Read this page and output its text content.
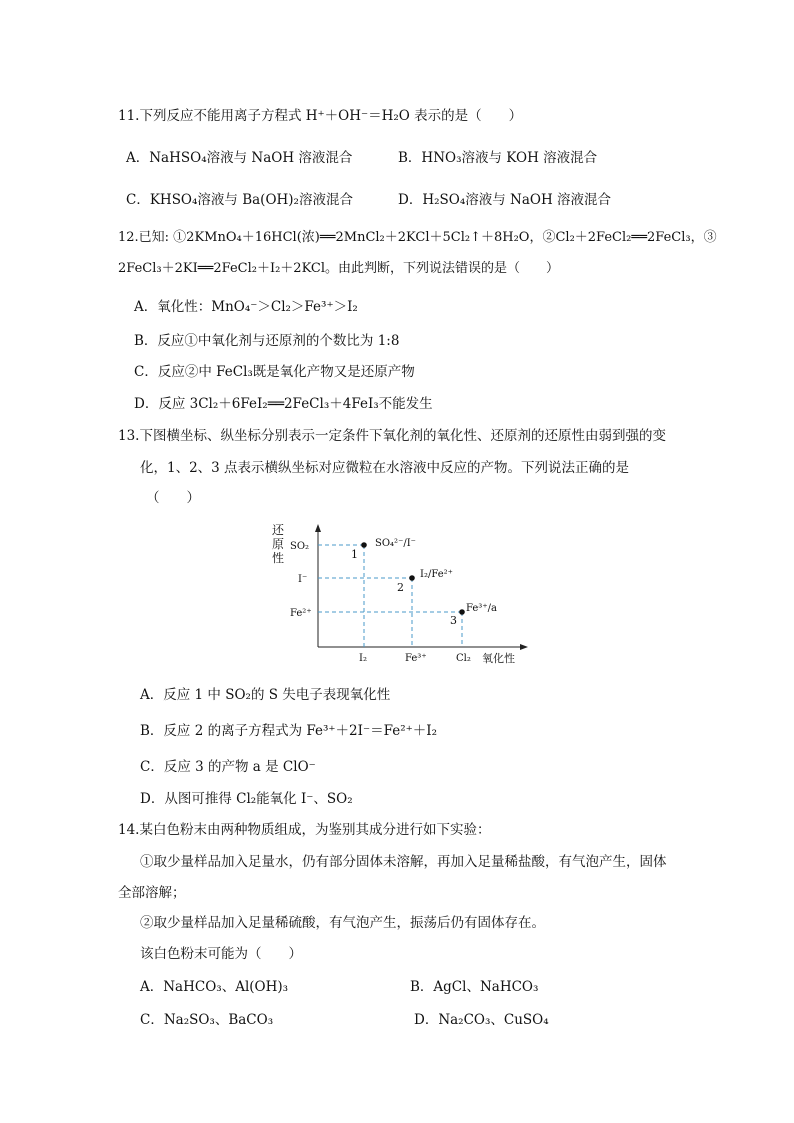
11.下列反应不能用离子方程式 H⁺＋OH⁻＝H₂O 表示的是（　　）
A．NaHSO₄溶液与 NaOH 溶液混合	B．HNO₃溶液与 KOH 溶液混合
C．KHSO₄溶液与 Ba(OH)₂溶液混合	D．H₂SO₄溶液与 NaOH 溶液混合
12.已知: ①2KMnO₄＋16HCl(浓)══2MnCl₂＋2KCl＋5Cl₂↑＋8H₂O，②Cl₂＋2FeCl₂══2FeCl₃，③
2FeCl₃＋2KI══2FeCl₂＋I₂＋2KCl。由此判断，下列说法错误的是（　　）
A．氧化性：MnO₄⁻＞Cl₂＞Fe³⁺＞I₂
B．反应①中氧化剂与还原剂的个数比为 1:8
C．反应②中 FeCl₃既是氧化产物又是还原产物
D．反应 3Cl₂＋6FeI₂══2FeCl₃＋4FeI₃不能发生
13.下图横坐标、纵坐标分别表示一定条件下氧化剂的氧化性、还原剂的还原性由弱到强的变
化，1、2、3 点表示横纵坐标对应微粒在水溶液中反应的产物。下列说法正确的是
（　　）
还
原
性
SO₂
I⁻
Fe²⁺
I₂	Fe³⁺	Cl₂ 氧化性
SO₄²⁻/I⁻
I₂/Fe²⁺
Fe³⁺/a
1
2
3
A．反应 1 中 SO₂的 S 失电子表现氧化性
B．反应 2 的离子方程式为 Fe³⁺＋2I⁻＝Fe²⁺＋I₂
C．反应 3 的产物 a 是 ClO⁻
D．从图可推得 Cl₂能氧化 I⁻、SO₂
14.某白色粉末由两种物质组成，为鉴别其成分进行如下实验：
①取少量样品加入足量水，仍有部分固体未溶解，再加入足量稀盐酸，有气泡产生，固体
全部溶解；
②取少量样品加入足量稀硫酸，有气泡产生，振荡后仍有固体存在。
该白色粉末可能为（　　）
A．NaHCO₃、Al(OH)₃	B．AgCl、NaHCO₃
C．Na₂SO₃、BaCO₃	D．Na₂CO₃、CuSO₄
